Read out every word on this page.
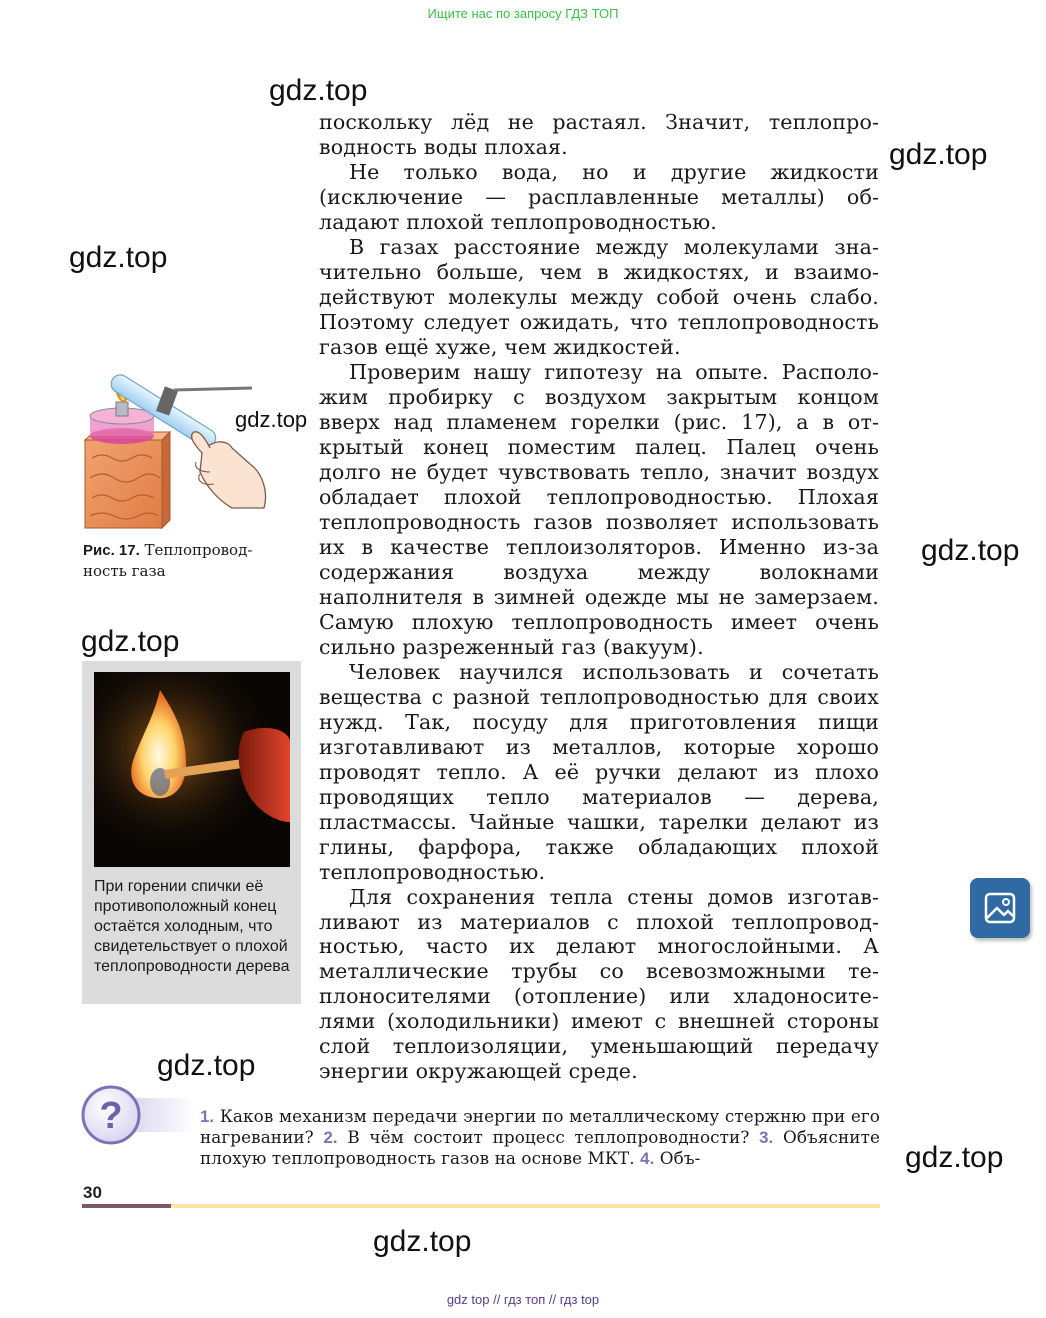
Ищите нас по запросу ГДЗ ТОП
gdz.top
gdz.top
gdz.top
gdz.top
gdz.top
gdz.top
gdz.top
gdz.top
gdz.top

поскольку лёд не растаял. Значит, теплопроводность воды плохая.

Не только вода, но и другие жидкости (исключение — расплавленные металлы) обладают плохой теплопроводностью.

В газах расстояние между молекулами значительно больше, чем в жидкостях, и взаимодействуют молекулы между собой очень слабо. Поэтому следует ожидать, что теплопроводность газов ещё хуже, чем жидкостей.

Проверим нашу гипотезу на опыте. Расположим пробирку с воздухом закрытым концом вверх над пламенем горелки (рис. 17), а в открытый конец поместим палец. Палец очень долго не будет чувствовать тепло, значит воздух обладает плохой теплопроводностью. Плохая теплопроводность газов позволяет использовать их в качестве теплоизоляторов. Именно из-за содержания воздуха между волокнами наполнителя в зимней одежде мы не замерзаем. Самую плохую теплопроводность имеет очень сильно разреженный газ (вакуум).

Человек научился использовать и сочетать вещества с разной теплопроводностью для своих нужд. Так, посуду для приготовления пищи изготавливают из металлов, которые хорошо проводят тепло. А её ручки делают из плохо проводящих тепло материалов — дерева, пластмассы. Чайные чашки, тарелки делают из глины, фарфора, также обладающих плохой теплопроводностью.

Для сохранения тепла стены домов изготавливают из материалов с плохой теплопроводностью, часто их делают многослойными. А металлические трубы со всевозможными теплоносителями (отопление) или хладоносителями (холодильники) имеют с внешней стороны слой теплоизоляции, уменьшающий передачу энергии окружающей среде.

Рис. 17. Теплопроводность газа
При горении спички её противоположный конец остаётся холодным, что свидетельствует о плохой теплопроводности дерева
?	1. Каков механизм передачи энергии по металлическому стержню при его нагревании? 2. В чём состоит процесс теплопроводности? 3. Объясните плохую теплопроводность газов на основе МКТ. 4. Объ-
30
gdz top // гдз топ // гдз top
